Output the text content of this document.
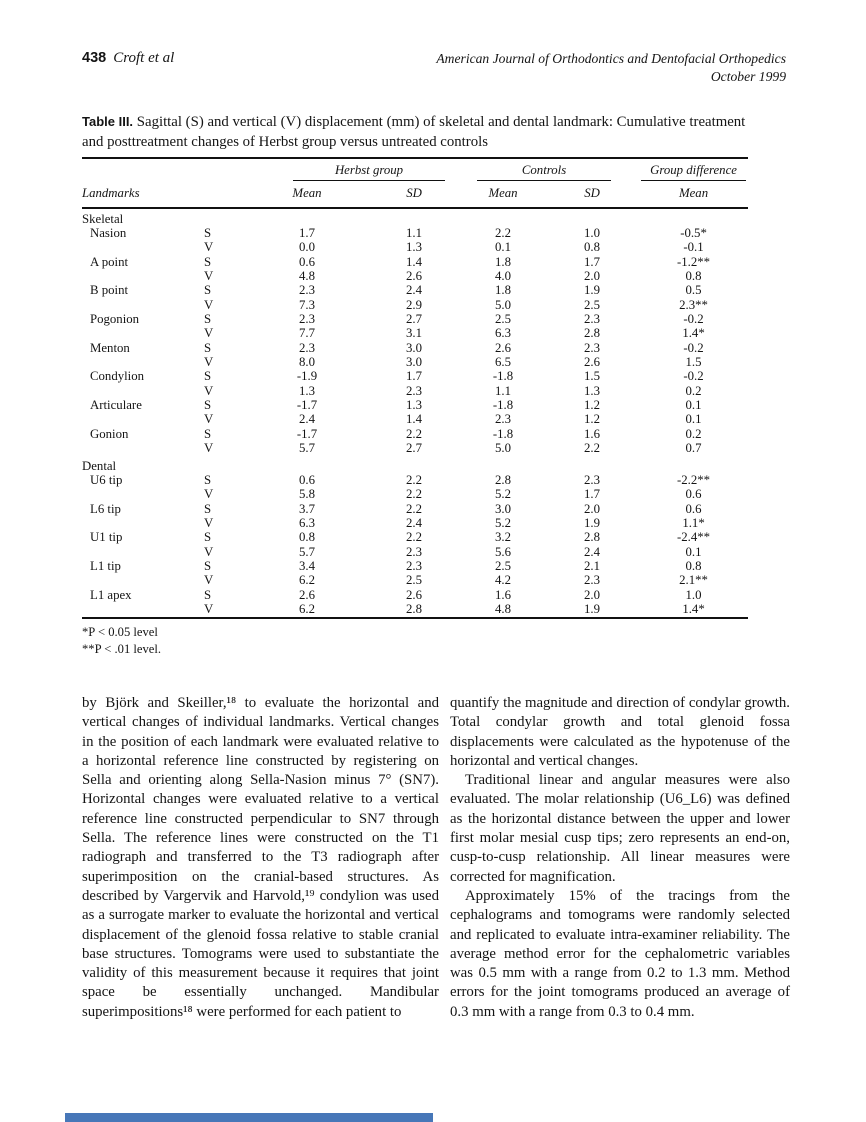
438 Croft et al	American Journal of Orthodontics and Dentofacial Orthopedics
October 1999
Table III. Sagittal (S) and vertical (V) displacement (mm) of skeletal and dental landmark: Cumulative treatment and posttreatment changes of Herbst group versus untreated controls

		Herbst group		Controls		Group difference

Landmarks		Mean	SD	Mean	SD	Mean
Skeletal						
Nasion	S	1.7	1.1	2.2	1.0	-0.5*
	V	0.0	1.3	0.1	0.8	-0.1
A point	S	0.6	1.4	1.8	1.7	-1.2**
	V	4.8	2.6	4.0	2.0	0.8
B point	S	2.3	2.4	1.8	1.9	0.5
	V	7.3	2.9	5.0	2.5	2.3**
Pogonion	S	2.3	2.7	2.5	2.3	-0.2
	V	7.7	3.1	6.3	2.8	1.4*
Menton	S	2.3	3.0	2.6	2.3	-0.2
	V	8.0	3.0	6.5	2.6	1.5
Condylion	S	-1.9	1.7	-1.8	1.5	-0.2
	V	1.3	2.3	1.1	1.3	0.2
Articulare	S	-1.7	1.3	-1.8	1.2	0.1
	V	2.4	1.4	2.3	1.2	0.1
Gonion	S	-1.7	2.2	-1.8	1.6	0.2
	V	5.7	2.7	5.0	2.2	0.7
Dental						
U6 tip	S	0.6	2.2	2.8	2.3	-2.2**
	V	5.8	2.2	5.2	1.7	0.6
L6 tip	S	3.7	2.2	3.0	2.0	0.6
	V	6.3	2.4	5.2	1.9	1.1*
U1 tip	S	0.8	2.2	3.2	2.8	-2.4**
	V	5.7	2.3	5.6	2.4	0.1
L1 tip	S	3.4	2.3	2.5	2.1	0.8
	V	6.2	2.5	4.2	2.3	2.1**
L1 apex	S	2.6	2.6	1.6	2.0	1.0
	V	6.2	2.8	4.8	1.9	1.4*

*P < 0.05 level

**P < .01 level.

by Björk and Skeiller,¹⁸ to evaluate the horizontal and vertical changes of individual landmarks. Vertical changes in the position of each landmark were evaluated relative to a horizontal reference line constructed by registering on Sella and orienting along Sella-Nasion minus 7° (SN7). Horizontal changes were evaluated relative to a vertical reference line constructed perpendicular to SN7 through Sella. The reference lines were constructed on the T1 radiograph and transferred to the T3 radiograph after superimposition on the cranial-based structures. As described by Vargervik and Harvold,¹⁹ condylion was used as a surrogate marker to evaluate the horizontal and vertical displacement of the glenoid fossa relative to stable cranial base structures. Tomograms were used to substantiate the validity of this measurement because it requires that joint space be essentially unchanged. Mandibular superimpositions¹⁸ were performed for each patient to

quantify the magnitude and direction of condylar growth. Total condylar growth and total glenoid fossa displacements were calculated as the hypotenuse of the horizontal and vertical changes.

Traditional linear and angular measures were also evaluated. The molar relationship (U6_L6) was defined as the horizontal distance between the upper and lower first molar mesial cusp tips; zero represents an end-on, cusp-to-cusp relationship. All linear measures were corrected for magnification.

Approximately 15% of the tracings from the cephalograms and tomograms were randomly selected and replicated to evaluate intra-examiner reliability. The average method error for the cephalometric variables was 0.5 mm with a range from 0.2 to 1.3 mm. Method errors for the joint tomograms produced an average of 0.3 mm with a range from 0.3 to 0.4 mm.
